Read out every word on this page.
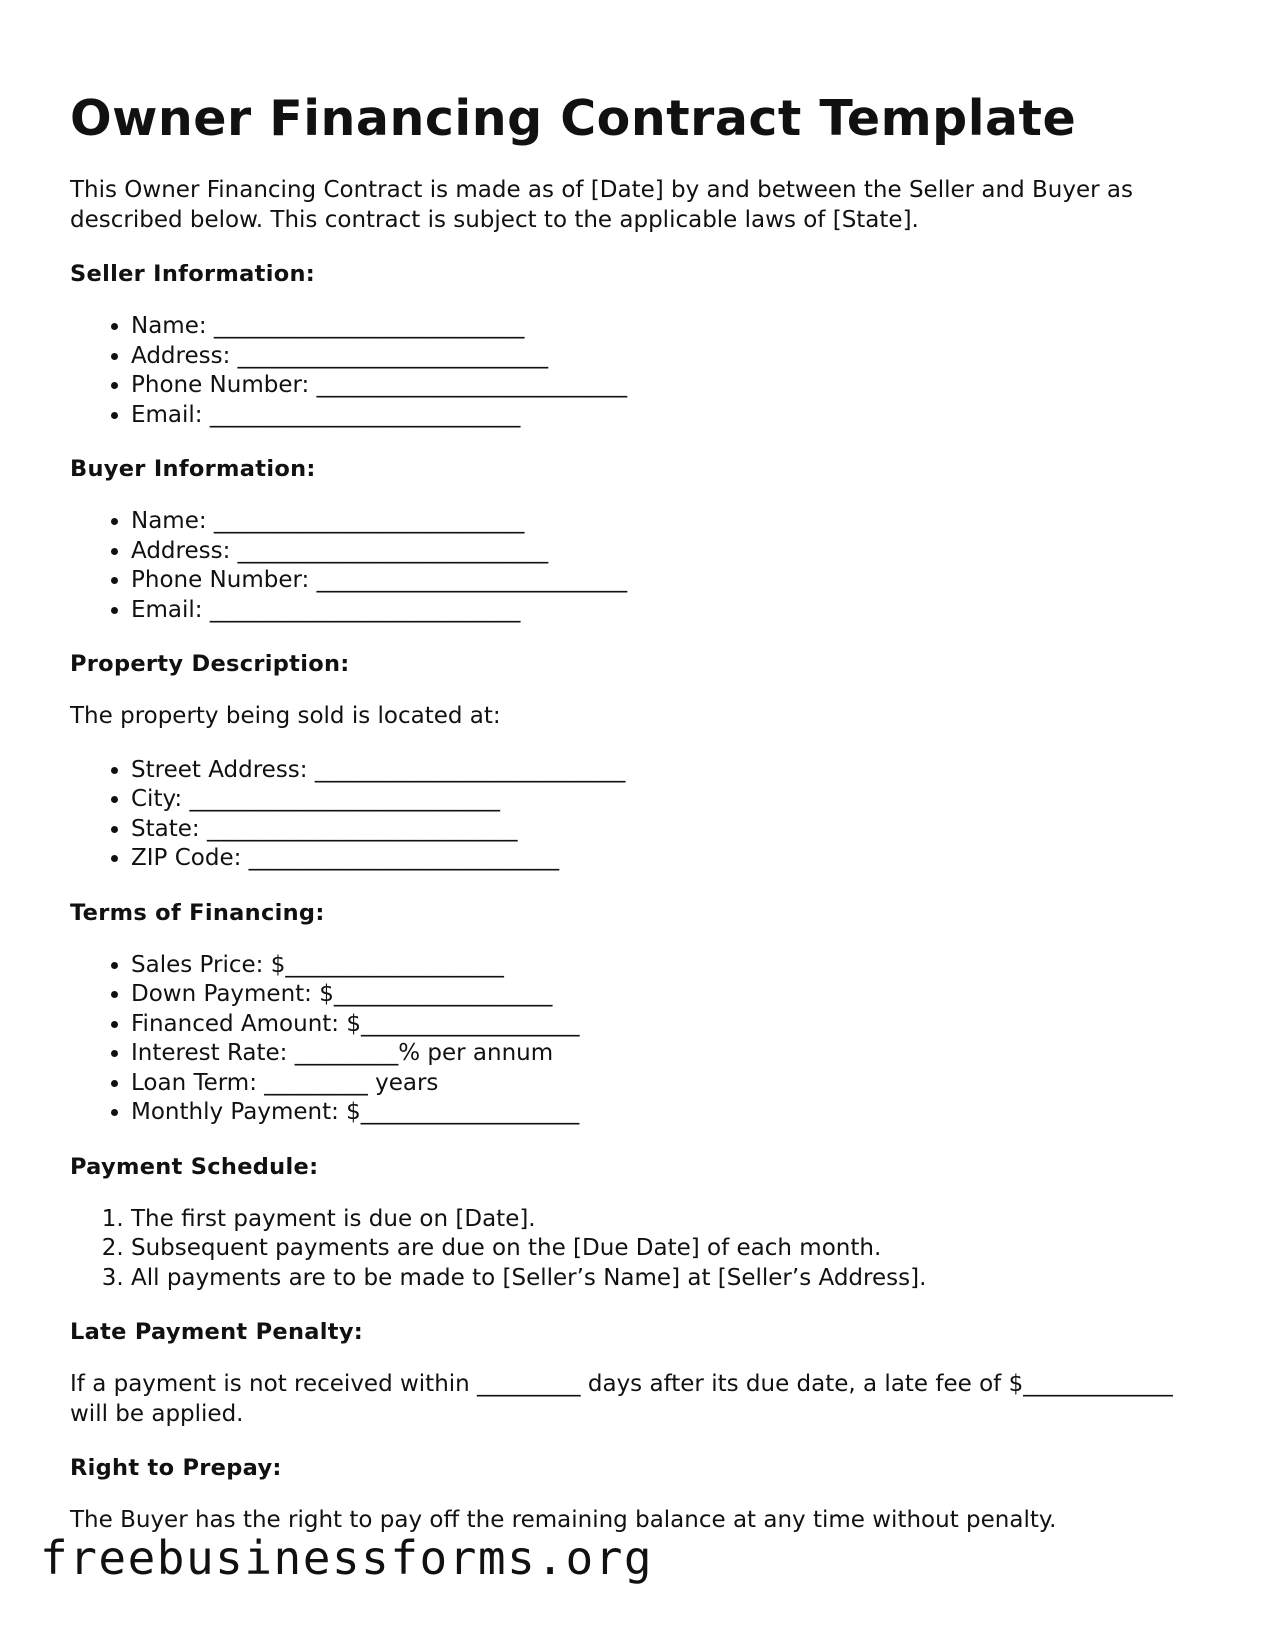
Owner Financing Contract Template

This Owner Financing Contract is made as of [Date] by and between the Seller and Buyer as described below. This contract is subject to the applicable laws of [State].

Seller Information:
• Name: ___________________________
• Address: ___________________________
• Phone Number: ___________________________
• Email: ___________________________
Buyer Information:
• Name: ___________________________
• Address: ___________________________
• Phone Number: ___________________________
• Email: ___________________________
Property Description:

The property being sold is located at:

• Street Address: ___________________________
• City: ___________________________
• State: ___________________________
• ZIP Code: ___________________________
Terms of Financing:
• Sales Price: $___________________
• Down Payment: $___________________
• Financed Amount: $___________________
• Interest Rate: _________% per annum
• Loan Term: _________ years
• Monthly Payment: $___________________
Payment Schedule:
1. The first payment is due on [Date].
2. Subsequent payments are due on the [Due Date] of each month.
3. All payments are to be made to [Seller’s Name] at [Seller’s Address].
Late Payment Penalty:

If a payment is not received within _________ days after its due date, a late fee of $_____________ will be applied.

Right to Prepay:

The Buyer has the right to pay off the remaining balance at any time without penalty.

freebusinessforms.org
